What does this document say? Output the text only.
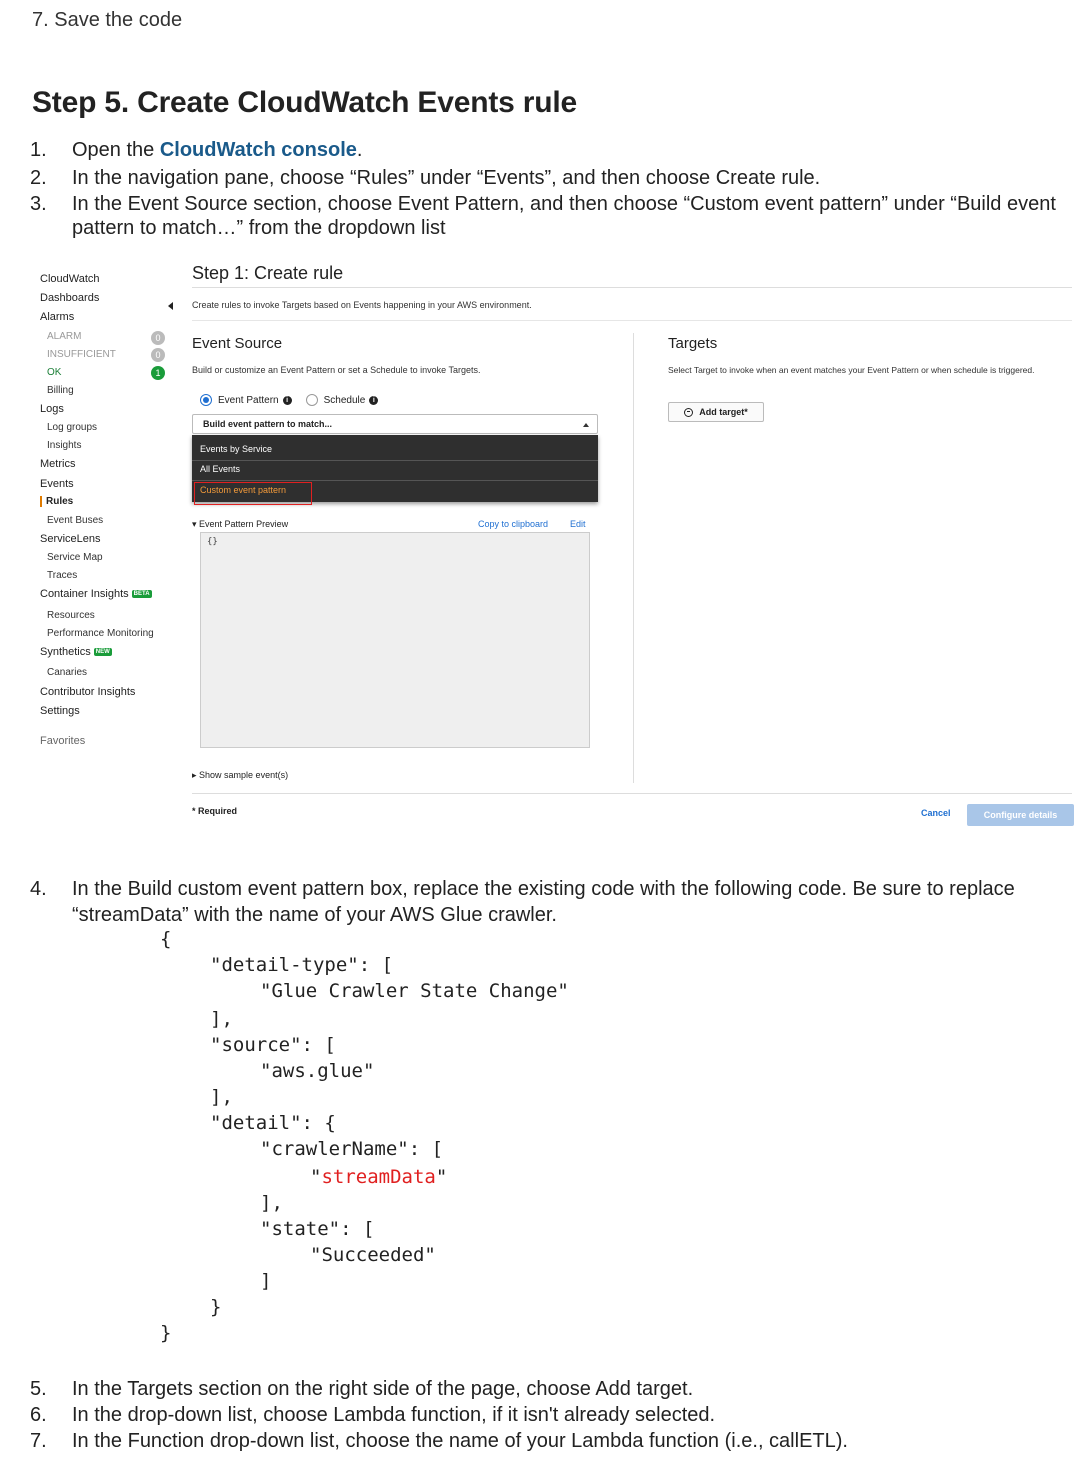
7. Save the code
Step 5. Create CloudWatch Events rule
1. Open the CloudWatch console.
2. In the navigation pane, choose “Rules” under “Events”, and then choose Create rule.
3. In the Event Source section, choose Event Pattern, and then choose “Custom event pattern” under “Build event pattern to match…” from the dropdown list
CloudWatch
Dashboards
Alarms
ALARM	0
INSUFFICIENT	0
OK	1
Billing
Logs
Log groups
Insights
Metrics
Events
Rules
Event Buses
ServiceLens
Service Map
Traces
Container Insights BETA
Resources
Performance Monitoring
Synthetics NEW
Canaries
Contributor Insights
Settings
Favorites
Step 1: Create rule
Create rules to invoke Targets based on Events happening in your AWS environment.
Event Source
Build or customize an Event Pattern or set a Schedule to invoke Targets.
Event Pattern	i	Schedule	i
Build event pattern to match...
Events by Service
All Events
Custom event pattern
▾ Event Pattern Preview	Copy to clipboard Edit
{}
▸ Show sample event(s)
Targets
Select Target to invoke when an event matches your Event Pattern or when schedule is triggered.
Add target*
* Required	Cancel	Configure details
4. In the Build custom event pattern box, replace the existing code with the following code. Be sure to replace “streamData” with the name of your AWS Glue crawler.
{
"detail-type": [
"Glue Crawler State Change"
],
"source": [
"aws.glue"
],
"detail": {
"crawlerName": [
"streamData"
],
"state": [
"Succeeded"
]
}
}
5. In the Targets section on the right side of the page, choose Add target.
6. In the drop-down list, choose Lambda function, if it isn't already selected.
7. In the Function drop-down list, choose the name of your Lambda function (i.e., callETL).
